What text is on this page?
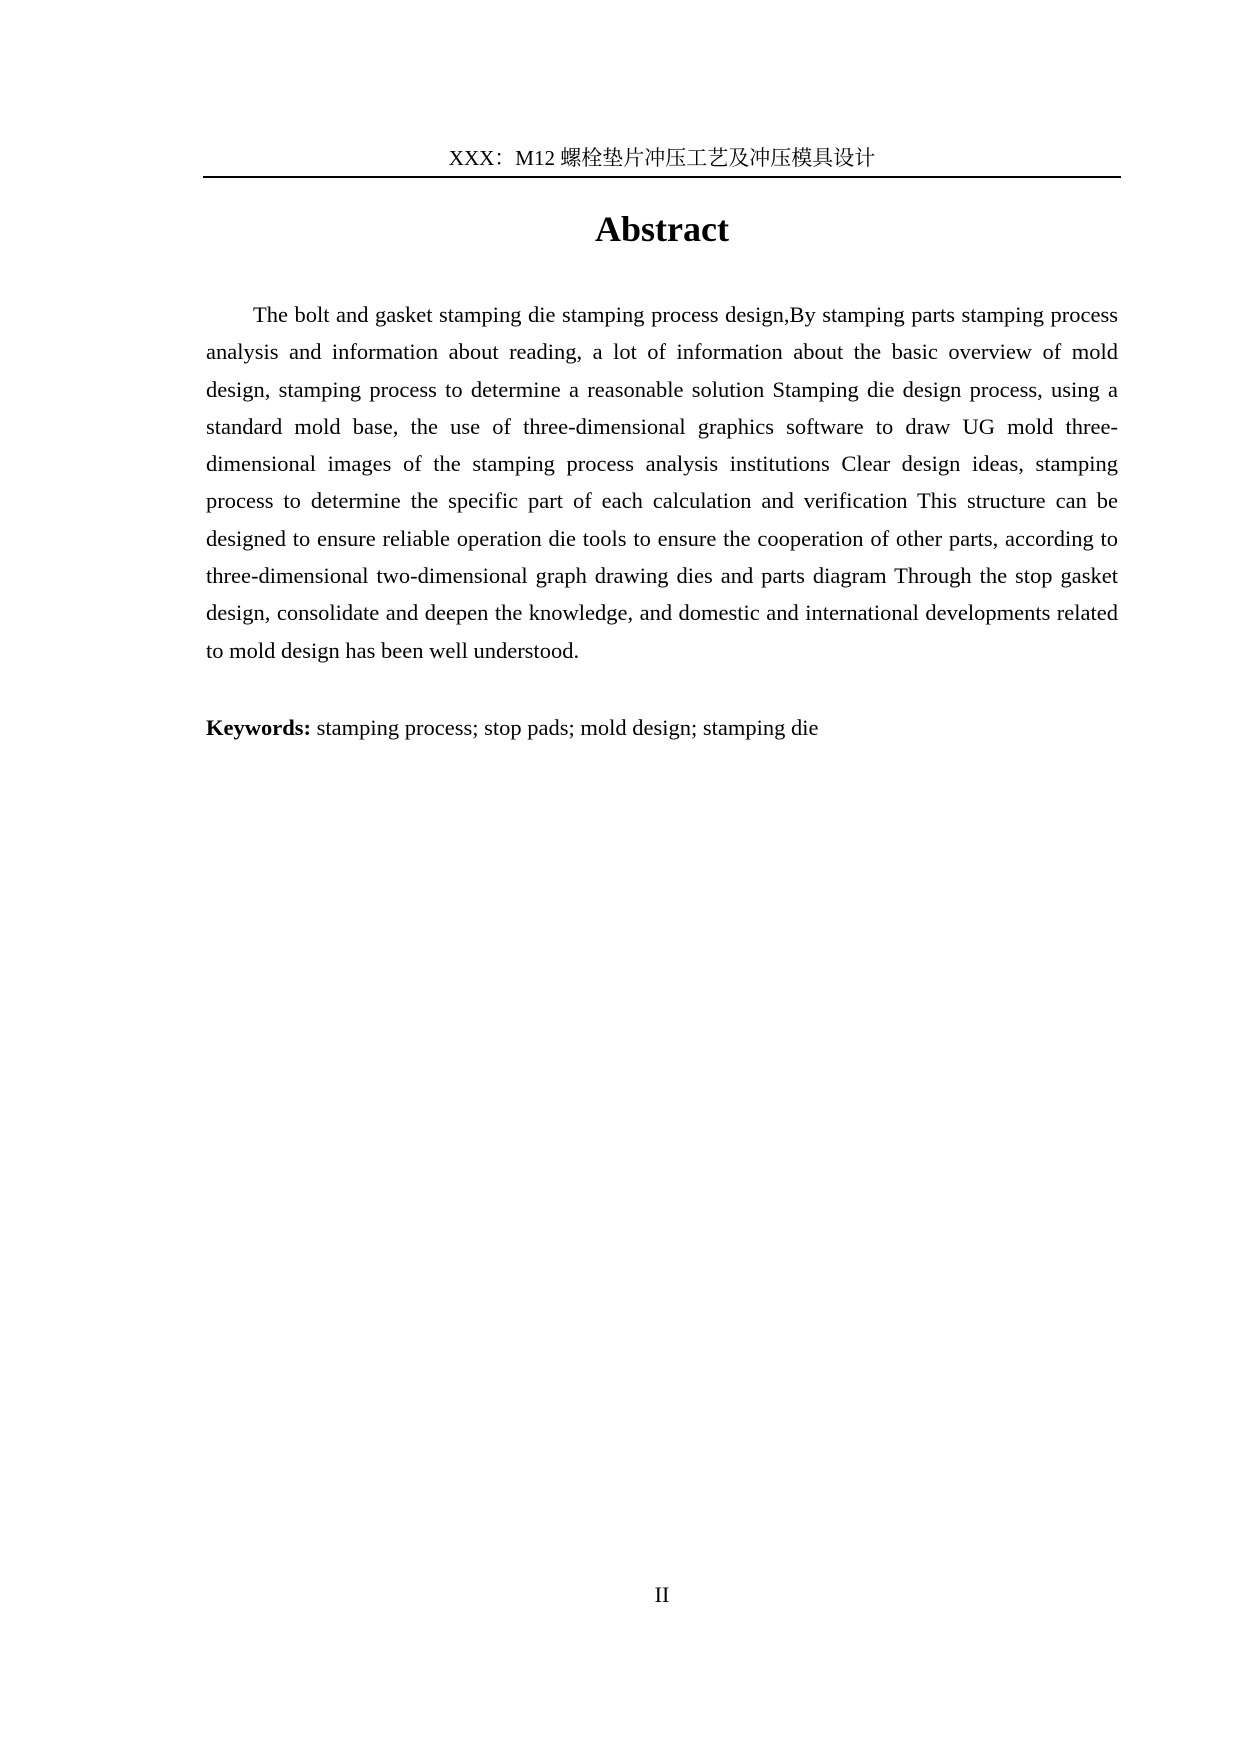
XXX：M12 螺栓垫片冲压工艺及冲压模具设计
Abstract

The bolt and gasket stamping die stamping process design,By stamping parts stamping process analysis and information about reading, a lot of information about the basic overview of mold design, stamping process to determine a reasonable solution Stamping die design process, using a standard mold base, the use of three-dimensional graphics software to draw UG mold three-dimensional images of the stamping process analysis institutions Clear design ideas, stamping process to determine the specific part of each calculation and verification This structure can be designed to ensure reliable operation die tools to ensure the cooperation of other parts, according to three-dimensional two-dimensional graph drawing dies and parts diagram Through the stop gasket design, consolidate and deepen the knowledge, and domestic and international developments related to mold design has been well understood.

Keywords: stamping process; stop pads; mold design; stamping die

II
